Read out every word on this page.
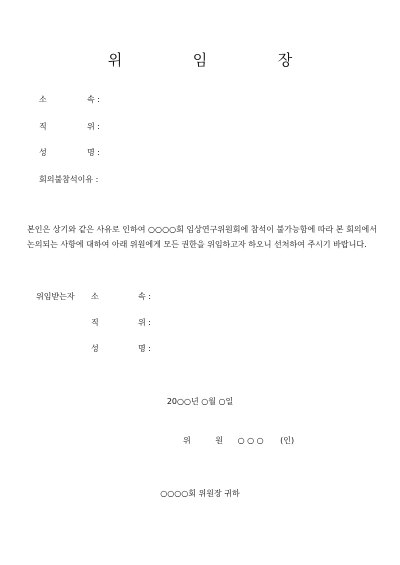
위	임	장
소	속 :
직	위 :
성	명 :
회의불참석이유 :
본인은 상기와 같은 사유로 인하여 ○○○○회 임상연구위원회에 참석이 불가능함에 따라 본 회의에서 논의되는 사항에 대하여 아래 위원에게 모든 권한을 위임하고자 하오니 선처하여 주시기 바랍니다.
위임받는자 소	속 :
직	위 :
성	명 :
20○○년 ○월 ○일
위	원 ○ ○ ○ (인)
○○○○회 위원장 귀하
